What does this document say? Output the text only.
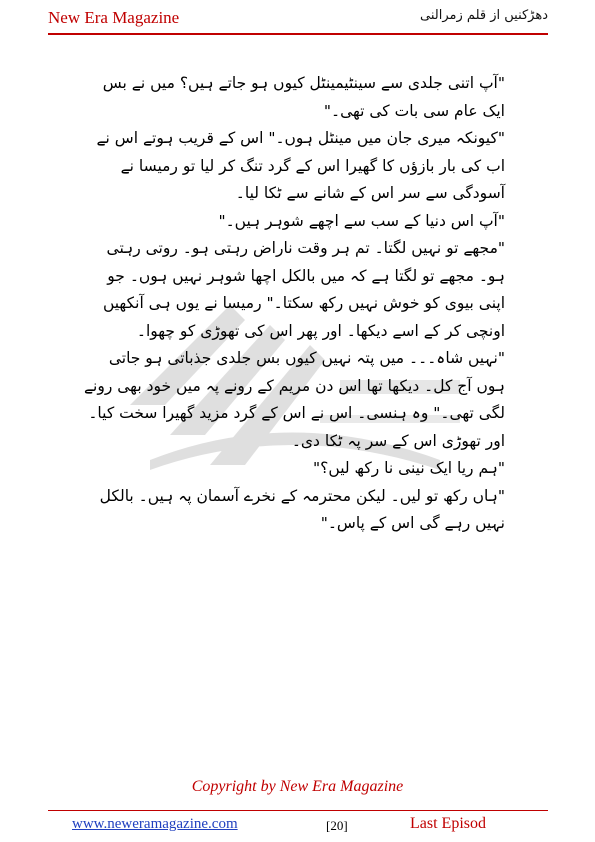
New Era Magazine	دھڑکنیں از قلم زمرالنی

"آپ اتنی جلدی سے سینٹیمینٹل کیوں ہو جاتے ہیں؟ میں نے بس ایک عام سی بات کی تھی۔"

"کیونکہ میری جان میں مینٹل ہوں۔" اس کے قریب ہوتے اس نے اب کی بار بازؤں کا گھیرا اس کے گرد تنگ کر لیا تو رمیسا نے آسودگی سے سر اس کے شانے سے ٹکا لیا۔

"آپ اس دنیا کے سب سے اچھے شوہر ہیں۔"

"مجھے تو نہیں لگتا۔ تم ہر وقت ناراض رہتی ہو۔ روتی رہتی ہو۔ مجھے تو لگتا ہے کہ میں بالکل اچھا شوہر نہیں ہوں۔ جو اپنی بیوی کو خوش نہیں رکھ سکتا۔" رمیسا نے یوں ہی آنکھیں اونچی کر کے اسے دیکھا۔ اور پھر اس کی تھوڑی کو چھوا۔

"نہیں شاہ۔۔۔ میں پتہ نہیں کیوں بس جلدی جذباتی ہو جاتی ہوں آج کل۔ دیکھا تھا اس دن مریم کے رونے پہ میں خود بھی رونے لگی تھی۔" وہ ہنسی۔ اس نے اس کے گرد مزید گھیرا سخت کیا۔ اور تھوڑی اس کے سر پہ ٹکا دی۔

"ہم ریا ایک نینی نا رکھ لیں؟"

"ہاں رکھ تو لیں۔ لیکن محترمہ کے نخرے آسمان پہ ہیں۔ بالکل نہیں رہے گی اس کے پاس۔"

Copyright by New Era Magazine
www.neweramagazine.com	[20]	Last Episod
